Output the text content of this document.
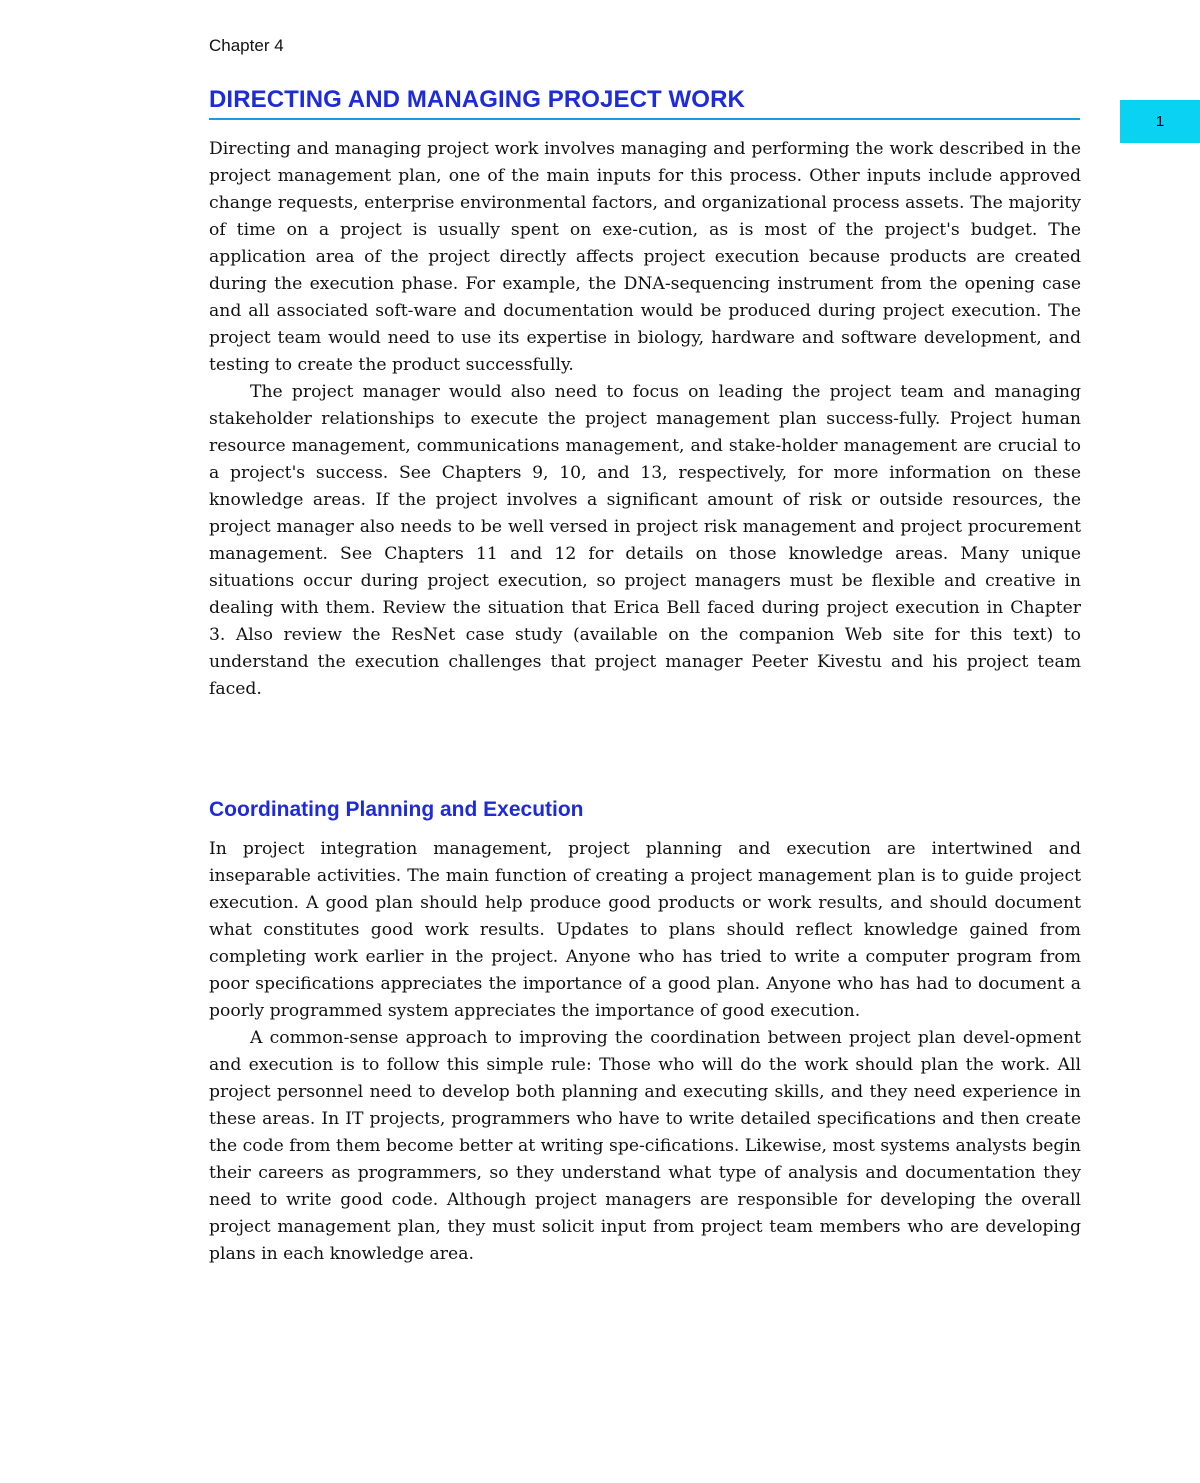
Chapter 4
1
DIRECTING AND MANAGING PROJECT WORK

Directing and managing project work involves managing and performing the work described in the project management plan, one of the main inputs for this process. Other inputs include approved change requests, enterprise environmental factors, and organizational process assets. The majority of time on a project is usually spent on exe-cution, as is most of the project's budget. The application area of the project directly affects project execution because products are created during the execution phase. For example, the DNA-sequencing instrument from the opening case and all associated soft-ware and documentation would be produced during project execution. The project team would need to use its expertise in biology, hardware and software development, and testing to create the product successfully.

The project manager would also need to focus on leading the project team and managing stakeholder relationships to execute the project management plan success-fully. Project human resource management, communications management, and stake-holder management are crucial to a project's success. See Chapters 9, 10, and 13, respectively, for more information on these knowledge areas. If the project involves a significant amount of risk or outside resources, the project manager also needs to be well versed in project risk management and project procurement management. See Chapters 11 and 12 for details on those knowledge areas. Many unique situations occur during project execution, so project managers must be flexible and creative in dealing with them. Review the situation that Erica Bell faced during project execution in Chapter 3. Also review the ResNet case study (available on the companion Web site for this text) to understand the execution challenges that project manager Peeter Kivestu and his project team faced.

Coordinating Planning and Execution

In project integration management, project planning and execution are intertwined and inseparable activities. The main function of creating a project management plan is to guide project execution. A good plan should help produce good products or work results, and should document what constitutes good work results. Updates to plans should reflect knowledge gained from completing work earlier in the project. Anyone who has tried to write a computer program from poor specifications appreciates the importance of a good plan. Anyone who has had to document a poorly programmed system appreciates the importance of good execution.

A common-sense approach to improving the coordination between project plan devel-opment and execution is to follow this simple rule: Those who will do the work should plan the work. All project personnel need to develop both planning and executing skills, and they need experience in these areas. In IT projects, programmers who have to write detailed specifications and then create the code from them become better at writing spe-cifications. Likewise, most systems analysts begin their careers as programmers, so they understand what type of analysis and documentation they need to write good code. Although project managers are responsible for developing the overall project management plan, they must solicit input from project team members who are developing plans in each knowledge area.
